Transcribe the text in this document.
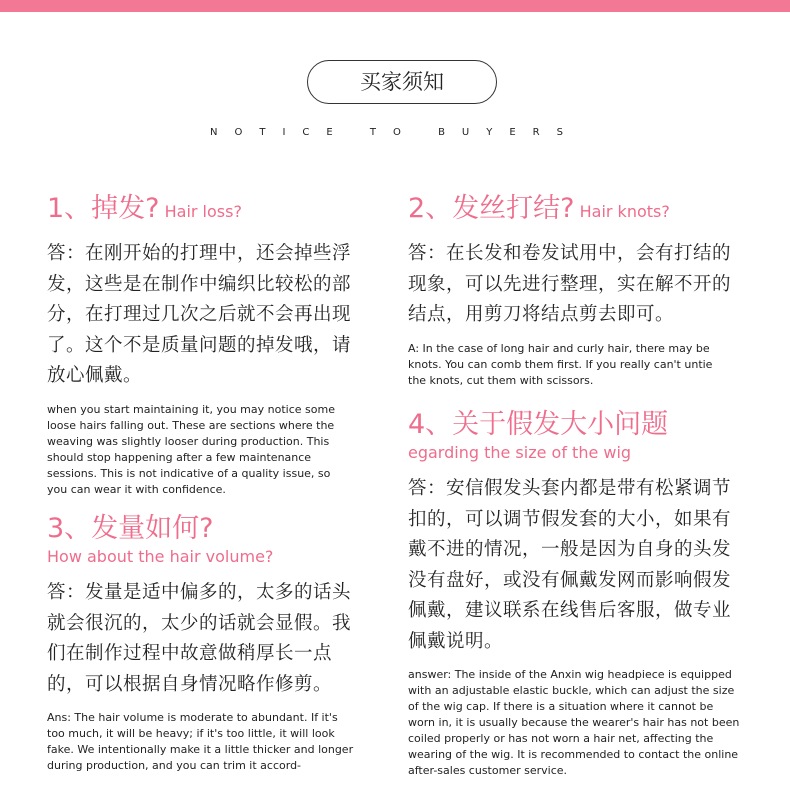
买家须知
NOTICE TO BUYERS
1、掉发? Hair loss?
答：在刚开始的打理中，还会掉些浮发，这些是在制作中编织比较松的部分，在打理过几次之后就不会再出现了。这个不是质量问题的掉发哦，请放心佩戴。
when you start maintaining it, you may notice some loose hairs falling out. These are sections where the weaving was slightly looser during production. This should stop happening after a few maintenance sessions. This is not indicative of a quality issue, so you can wear it with confidence.
2、发丝打结? Hair knots?
答：在长发和卷发试用中，会有打结的现象，可以先进行整理，实在解不开的结点，用剪刀将结点剪去即可。
A: In the case of long hair and curly hair, there may be knots. You can comb them first. If you really can't untie the knots, cut them with scissors.
3、发量如何?
How about the hair volume?
答：发量是适中偏多的，太多的话头就会很沉的，太少的话就会显假。我们在制作过程中故意做稍厚长一点的，可以根据自身情况略作修剪。
Ans: The hair volume is moderate to abundant. If it's too much, it will be heavy; if it's too little, it will look fake. We intentionally make it a little thicker and longer during production, and you can trim it accord-
4、关于假发大小问题
egarding the size of the wig
答：安信假发头套内都是带有松紧调节扣的，可以调节假发套的大小，如果有戴不进的情况，一般是因为自身的头发没有盘好，或没有佩戴发网而影响假发佩戴，建议联系在线售后客服，做专业佩戴说明。
answer: The inside of the Anxin wig headpiece is equipped with an adjustable elastic buckle, which can adjust the size of the wig cap. If there is a situation where it cannot be worn in, it is usually because the wearer's hair has not been coiled properly or has not worn a hair net, affecting the wearing of the wig. It is recommended to contact the online after-sales customer service.
